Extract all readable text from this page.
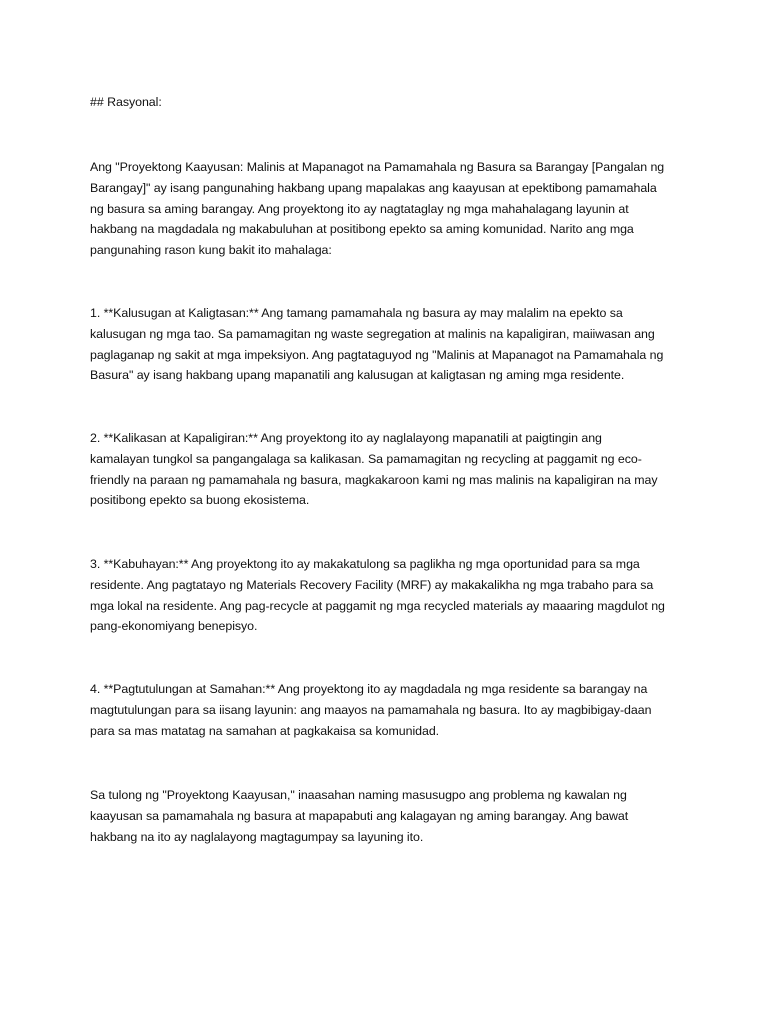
## Rasyonal:

Ang "Proyektong Kaayusan: Malinis at Mapanagot na Pamamahala ng Basura sa Barangay [Pangalan ng
Barangay]" ay isang pangunahing hakbang upang mapalakas ang kaayusan at epektibong pamamahala
ng basura sa aming barangay. Ang proyektong ito ay nagtataglay ng mga mahahalagang layunin at
hakbang na magdadala ng makabuluhan at positibong epekto sa aming komunidad. Narito ang mga
pangunahing rason kung bakit ito mahalaga:

1. **Kalusugan at Kaligtasan:** Ang tamang pamamahala ng basura ay may malalim na epekto sa
kalusugan ng mga tao. Sa pamamagitan ng waste segregation at malinis na kapaligiran, maiiwasan ang
paglaganap ng sakit at mga impeksiyon. Ang pagtataguyod ng "Malinis at Mapanagot na Pamamahala ng
Basura" ay isang hakbang upang mapanatili ang kalusugan at kaligtasan ng aming mga residente.

2. **Kalikasan at Kapaligiran:** Ang proyektong ito ay naglalayong mapanatili at paigtingin ang
kamalayan tungkol sa pangangalaga sa kalikasan. Sa pamamagitan ng recycling at paggamit ng eco-
friendly na paraan ng pamamahala ng basura, magkakaroon kami ng mas malinis na kapaligiran na may
positibong epekto sa buong ekosistema.

3. **Kabuhayan:** Ang proyektong ito ay makakatulong sa paglikha ng mga oportunidad para sa mga
residente. Ang pagtatayo ng Materials Recovery Facility (MRF) ay makakalikha ng mga trabaho para sa
mga lokal na residente. Ang pag-recycle at paggamit ng mga recycled materials ay maaaring magdulot ng
pang-ekonomiyang benepisyo.

4. **Pagtutulungan at Samahan:** Ang proyektong ito ay magdadala ng mga residente sa barangay na
magtutulungan para sa iisang layunin: ang maayos na pamamahala ng basura. Ito ay magbibigay-daan
para sa mas matatag na samahan at pagkakaisa sa komunidad.

Sa tulong ng "Proyektong Kaayusan," inaasahan naming masusugpo ang problema ng kawalan ng
kaayusan sa pamamahala ng basura at mapapabuti ang kalagayan ng aming barangay. Ang bawat
hakbang na ito ay naglalayong magtagumpay sa layuning ito.
